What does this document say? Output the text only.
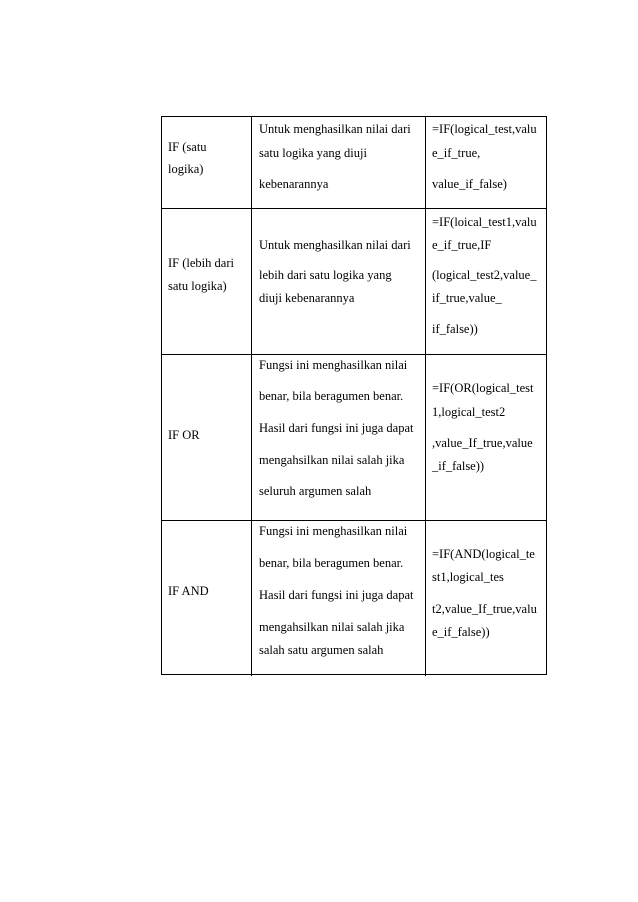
IF (satu
logika)
Untuk menghasilkan nilai dari
satu logika yang diuji
kebenarannya
=IF(logical_test,valu
e_if_true,
value_if_false)
IF (lebih dari
satu logika)
Untuk menghasilkan nilai dari
lebih dari satu logika yang
diuji kebenarannya
=IF(loical_test1,valu
e_if_true,IF
(logical_test2,value_
if_true,value_
if_false))
IF OR
Fungsi ini menghasilkan nilai
benar, bila beragumen benar.
Hasil dari fungsi ini juga dapat
mengahsilkan nilai salah jika
seluruh argumen salah
=IF(OR(logical_test
1,logical_test2
,value_If_true,value
_if_false))
IF AND
Fungsi ini menghasilkan nilai
benar, bila beragumen benar.
Hasil dari fungsi ini juga dapat
mengahsilkan nilai salah jika
salah satu argumen salah
=IF(AND(logical_te
st1,logical_tes
t2,value_If_true,valu
e_if_false))
